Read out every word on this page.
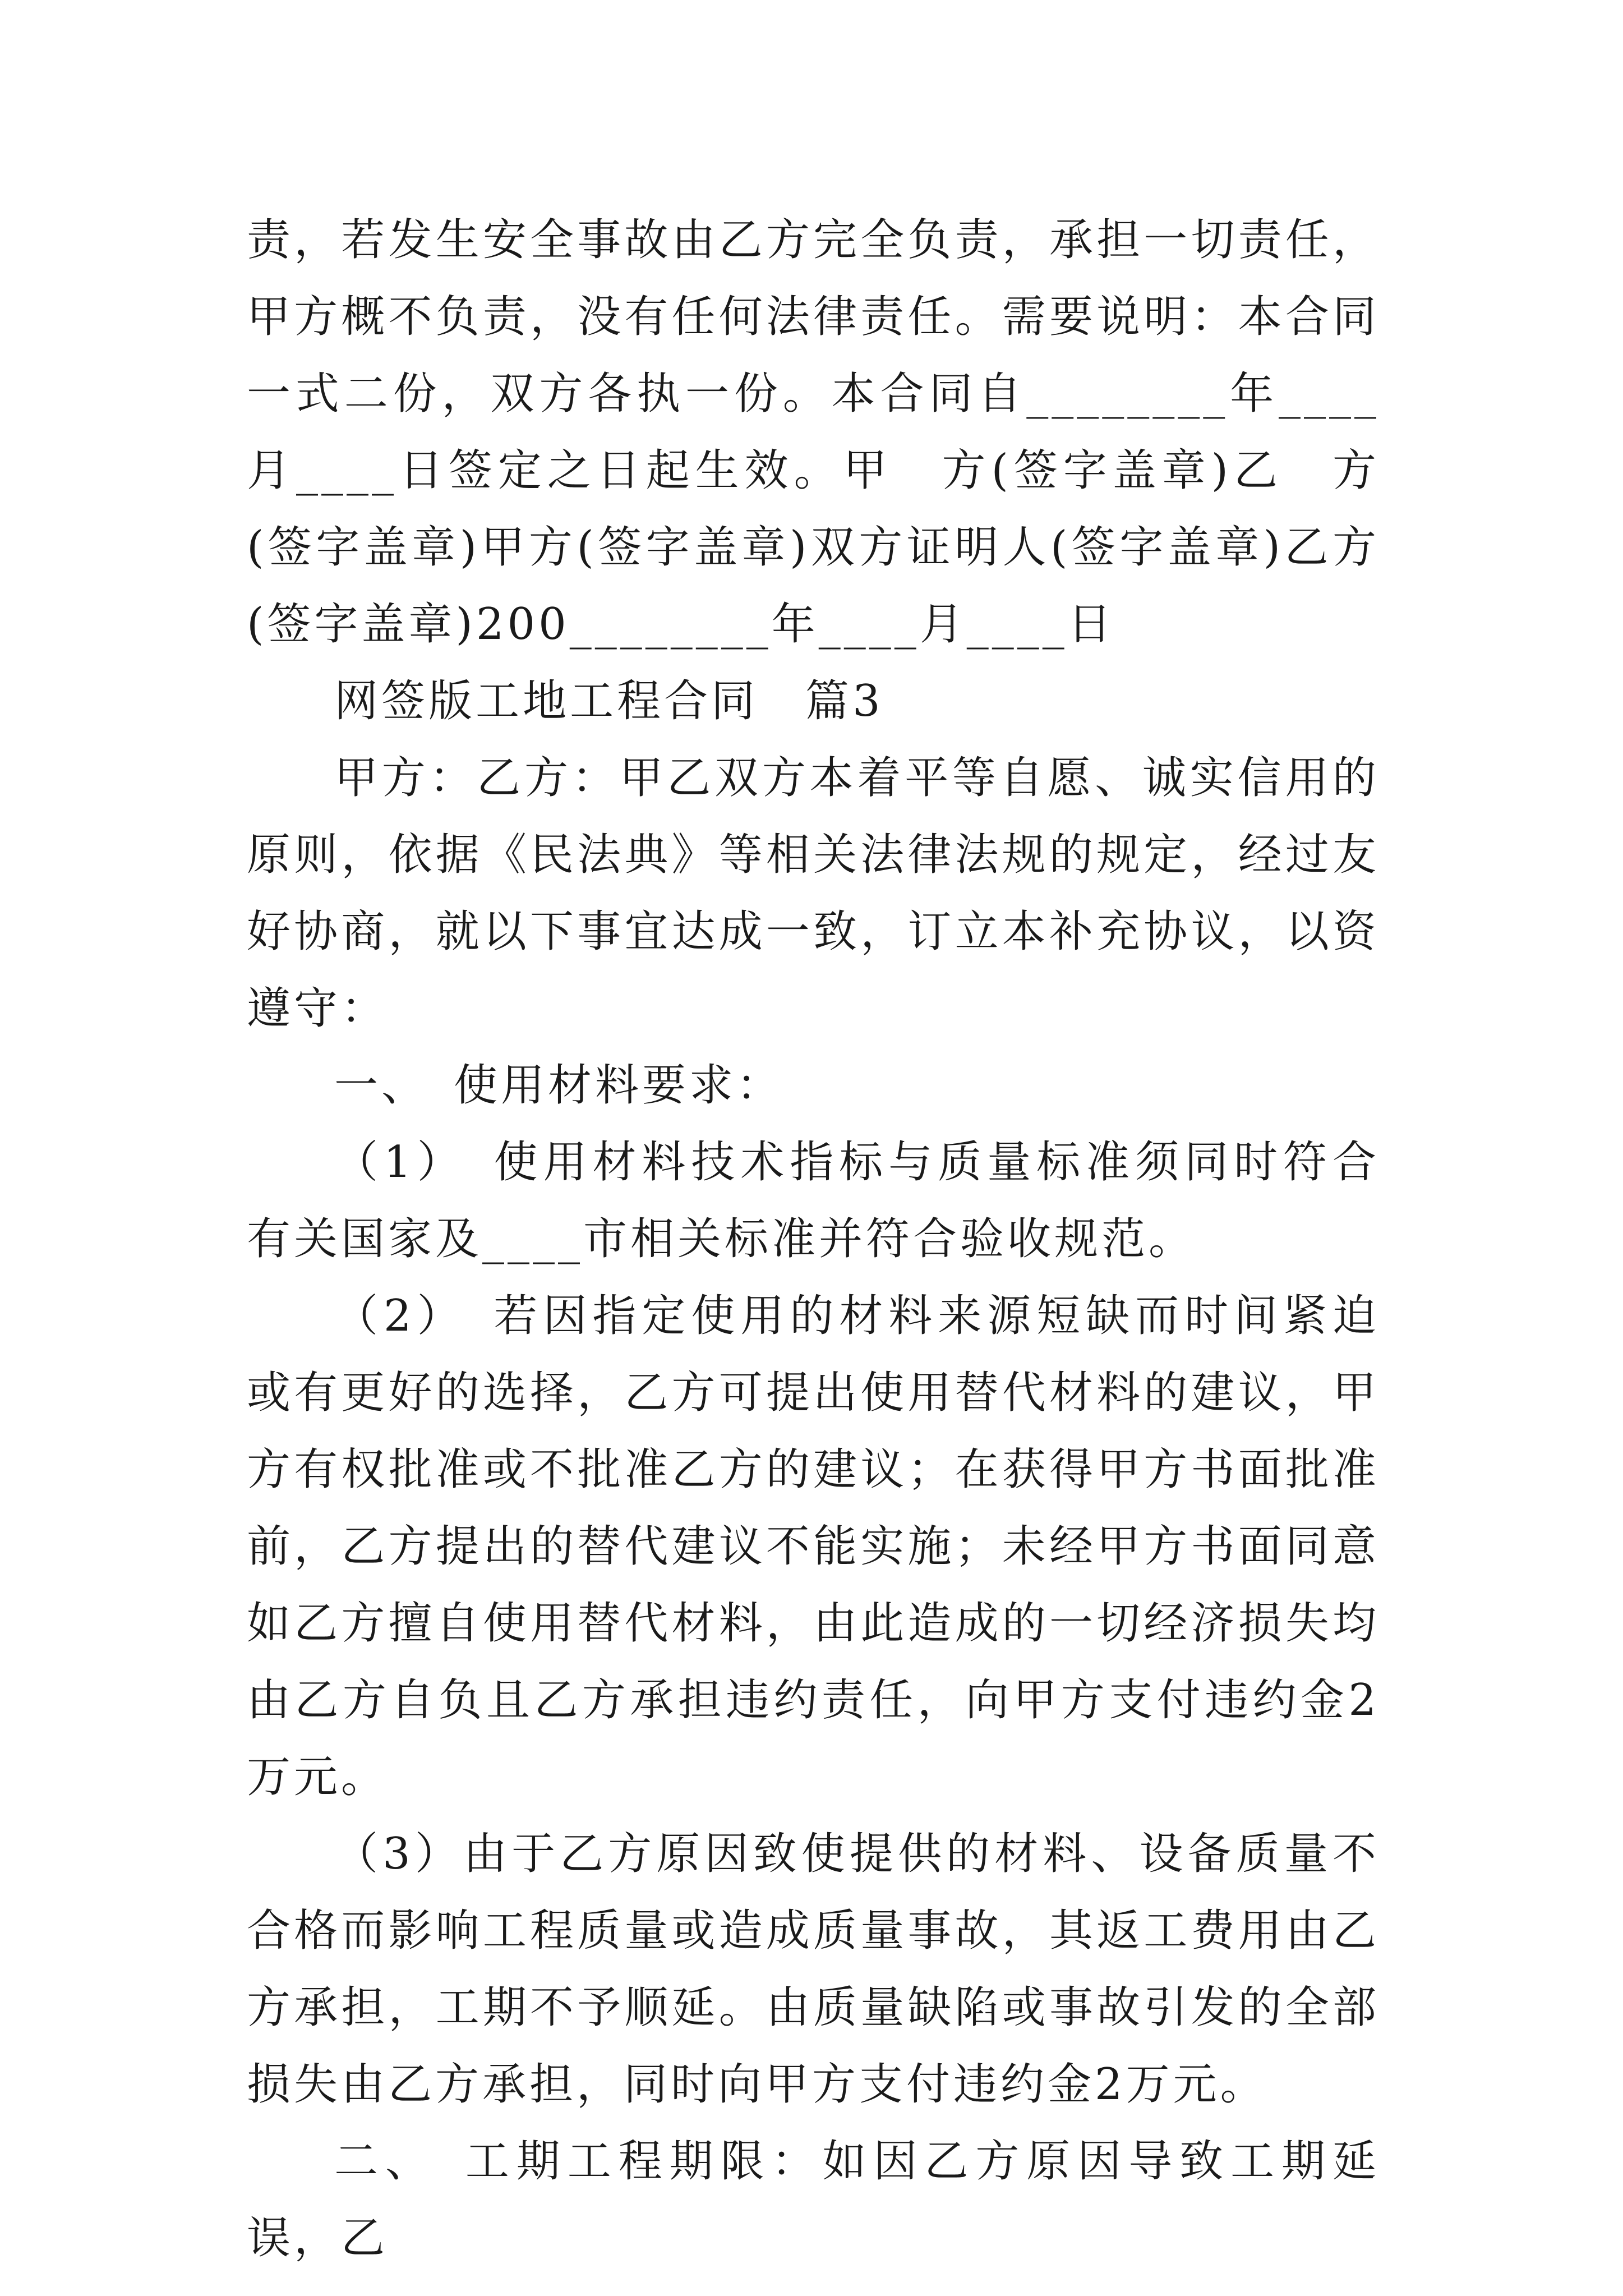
责，若发生安全事故由乙方完全负责，承担一切责任，甲方概不负责，没有任何法律责任。需要说明：本合同一式二份，双方各执一份。本合同自________年____月____日签定之日起生效。甲　方(签字盖章)乙　方(签字盖章)甲方(签字盖章)双方证明人(签字盖章)乙方(签字盖章)200________年____月____日

网签版工地工程合同　篇3

甲方：乙方：甲乙双方本着平等自愿、诚实信用的原则，依据《民法典》等相关法律法规的规定，经过友好协商，就以下事宜达成一致，订立本补充协议，以资遵守：

一、　使用材料要求：

（1）　使用材料技术指标与质量标准须同时符合有关国家及____市相关标准并符合验收规范。

（2）　若因指定使用的材料来源短缺而时间紧迫或有更好的选择，乙方可提出使用替代材料的建议，甲方有权批准或不批准乙方的建议；在获得甲方书面批准前，乙方提出的替代建议不能实施；未经甲方书面同意如乙方擅自使用替代材料，由此造成的一切经济损失均由乙方自负且乙方承担违约责任，向甲方支付违约金2万元。

（3）由于乙方原因致使提供的材料、设备质量不合格而影响工程质量或造成质量事故，其返工费用由乙方承担，工期不予顺延。由质量缺陷或事故引发的全部损失由乙方承担，同时向甲方支付违约金2万元。

二、　工期工程期限：如因乙方原因导致工期延误，乙
